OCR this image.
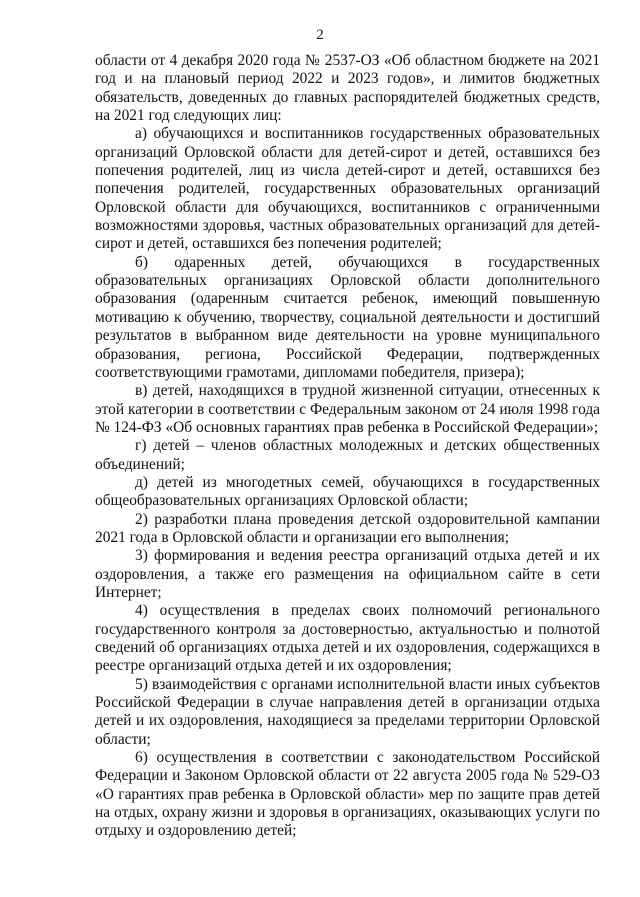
2

области от 4 декабря 2020 года № 2537-ОЗ «Об областном бюджете на 2021 год и на плановый период 2022 и 2023 годов», и лимитов бюджетных обязательств, доведенных до главных распорядителей бюджетных средств, на 2021 год следующих лиц:

а) обучающихся и воспитанников государственных образовательных организаций Орловской области для детей-сирот и детей, оставшихся без попечения родителей, лиц из числа детей-сирот и детей, оставшихся без попечения родителей, государственных образовательных организаций Орловской области для обучающихся, воспитанников с ограниченными возможностями здоровья, частных образовательных организаций для детей-сирот и детей, оставшихся без попечения родителей;

б) одаренных детей, обучающихся в государственных образовательных организациях Орловской области дополнительного образования (одаренным считается ребенок, имеющий повышенную мотивацию к обучению, творчеству, социальной деятельности и достигший результатов в выбранном виде деятельности на уровне муниципального образования, региона, Российской Федерации, подтвержденных соответствующими грамотами, дипломами победителя, призера);

в) детей, находящихся в трудной жизненной ситуации, отнесенных к этой категории в соответствии с Федеральным законом от 24 июля 1998 года № 124-ФЗ «Об основных гарантиях прав ребенка в Российской Федерации»;

г) детей – членов областных молодежных и детских общественных объединений;

д) детей из многодетных семей, обучающихся в государственных общеобразовательных организациях Орловской области;

2) разработки плана проведения детской оздоровительной кампании 2021 года в Орловской области и организации его выполнения;

3) формирования и ведения реестра организаций отдыха детей и их оздоровления, а также его размещения на официальном сайте в сети Интернет;

4) осуществления в пределах своих полномочий регионального государственного контроля за достоверностью, актуальностью и полнотой сведений об организациях отдыха детей и их оздоровления, содержащихся в реестре организаций отдыха детей и их оздоровления;

5) взаимодействия с органами исполнительной власти иных субъектов Российской Федерации в случае направления детей в организации отдыха детей и их оздоровления, находящиеся за пределами территории Орловской области;

6) осуществления в соответствии с законодательством Российской Федерации и Законом Орловской области от 22 августа 2005 года № 529-ОЗ «О гарантиях прав ребенка в Орловской области» мер по защите прав детей на отдых, охрану жизни и здоровья в организациях, оказывающих услуги по отдыху и оздоровлению детей;
